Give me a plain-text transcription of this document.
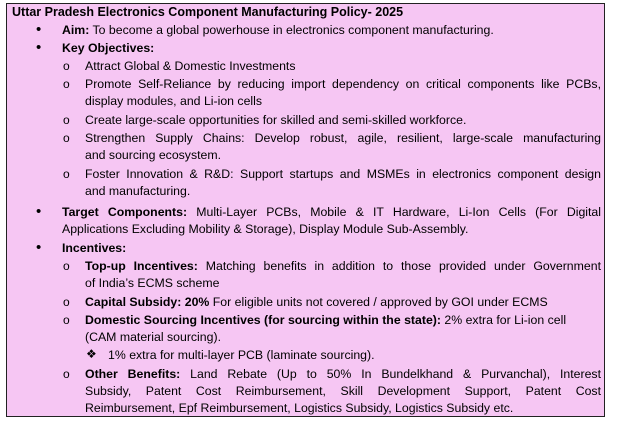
Uttar Pradesh Electronics Component Manufacturing Policy- 2025
• Aim: To become a global powerhouse in electronics component manufacturing.
• Key Objectives:
o Attract Global & Domestic Investments
o Promote Self-Reliance by reducing import dependency on critical components like PCBs,
display modules, and Li-ion cells
o Create large-scale opportunities for skilled and semi-skilled workforce.
o Strengthen Supply Chains: Develop robust, agile, resilient, large-scale manufacturing
and sourcing ecosystem.
o Foster Innovation & R&D: Support startups and MSMEs in electronics component design
and manufacturing.
• Target Components: Multi-Layer PCBs, Mobile & IT Hardware, Li-Ion Cells (For Digital
Applications Excluding Mobility & Storage), Display Module Sub-Assembly.
• Incentives:
o Top-up Incentives: Matching benefits in addition to those provided under Government
of India’s ECMS scheme
o Capital Subsidy: 20% For eligible units not covered / approved by GOI under ECMS
o Domestic Sourcing Incentives (for sourcing within the state): 2% extra for Li-ion cell
(CAM material sourcing).
❖ 1% extra for multi-layer PCB (laminate sourcing).
o Other Benefits: Land Rebate (Up to 50% In Bundelkhand & Purvanchal), Interest
Subsidy, Patent Cost Reimbursement, Skill Development Support, Patent Cost
Reimbursement, Epf Reimbursement, Logistics Subsidy, Logistics Subsidy etc.
